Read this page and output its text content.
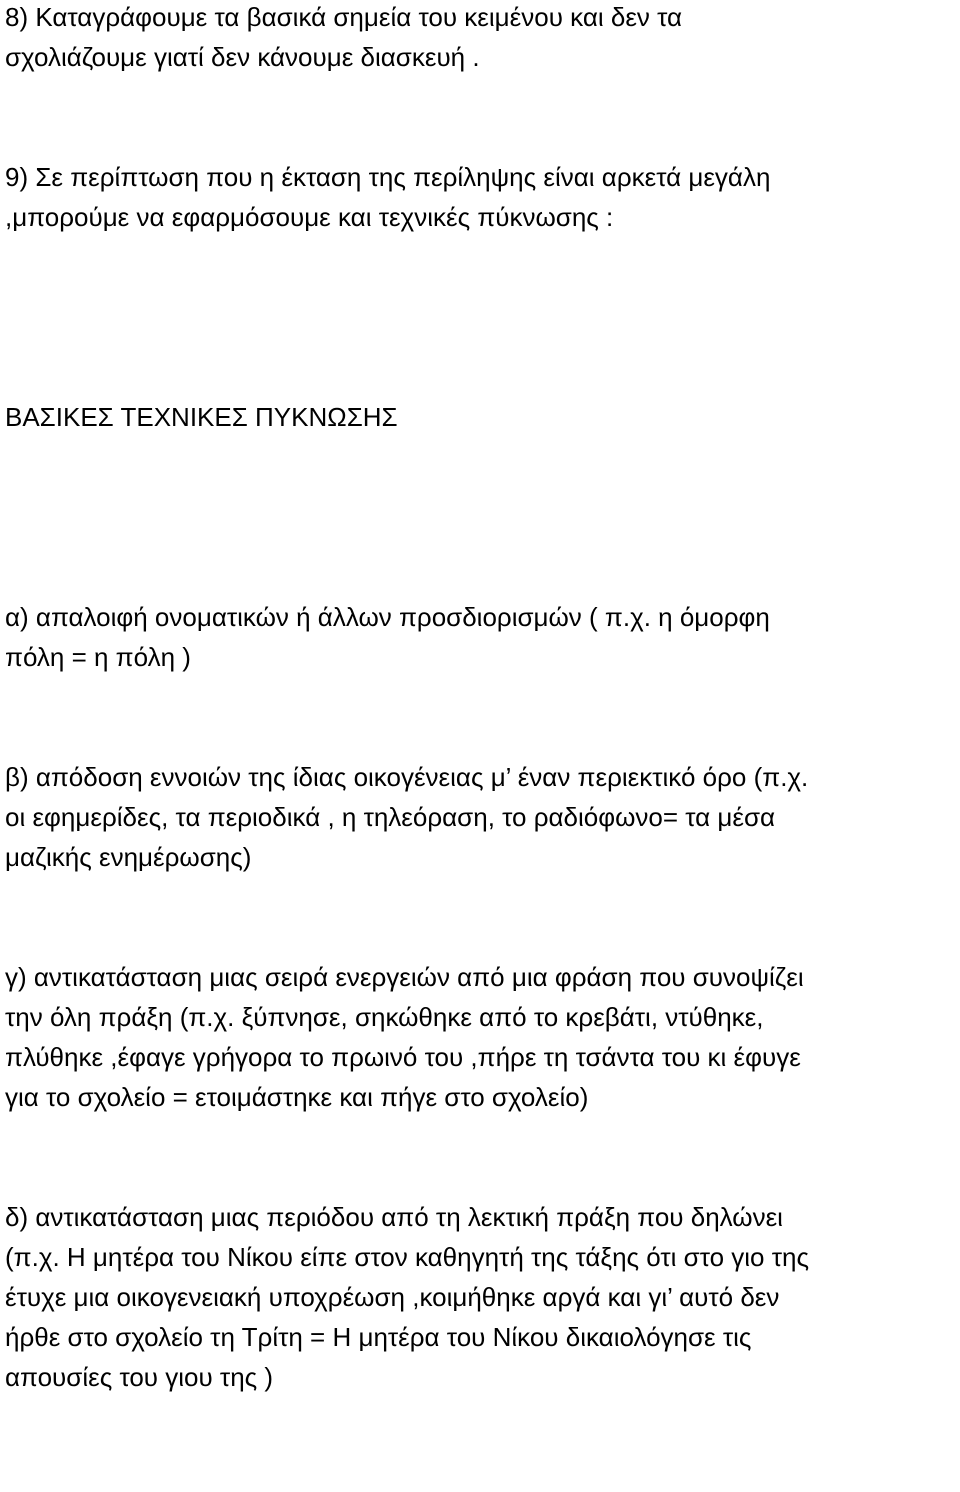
8) Καταγράφουμε τα βασικά σημεία του κειμένου και δεν τα
σχολιάζουμε γιατί δεν κάνουμε διασκευή .
9) Σε περίπτωση που η έκταση της περίληψης είναι αρκετά μεγάλη
,μπορούμε να εφαρμόσουμε και τεχνικές πύκνωσης :
ΒΑΣΙΚΕΣ ΤΕΧΝΙΚΕΣ ΠΥΚΝΩΣΗΣ
α) απαλοιφή ονοματικών ή άλλων προσδιορισμών ( π.χ. η όμορφη
πόλη = η πόλη )
β) απόδοση εννοιών της ίδιας οικογένειας μ’ έναν περιεκτικό όρο (π.χ.
οι εφημερίδες, τα περιοδικά , η τηλεόραση, το ραδιόφωνο= τα μέσα
μαζικής ενημέρωσης)
γ) αντικατάσταση μιας σειρά ενεργειών από μια φράση που συνοψίζει
την όλη πράξη (π.χ. ξύπνησε, σηκώθηκε από το κρεβάτι, ντύθηκε,
πλύθηκε ,έφαγε γρήγορα το πρωινό του ,πήρε τη τσάντα του κι έφυγε
για το σχολείο = ετοιμάστηκε και πήγε στο σχολείο)
δ) αντικατάσταση μιας περιόδου από τη λεκτική πράξη που δηλώνει
(π.χ. Η μητέρα του Νίκου είπε στον καθηγητή της τάξης ότι στο γιο της
έτυχε μια οικογενειακή υποχρέωση ,κοιμήθηκε αργά και γι’ αυτό δεν
ήρθε στο σχολείο τη Τρίτη = Η μητέρα του Νίκου δικαιολόγησε τις
απουσίες του γιου της )
